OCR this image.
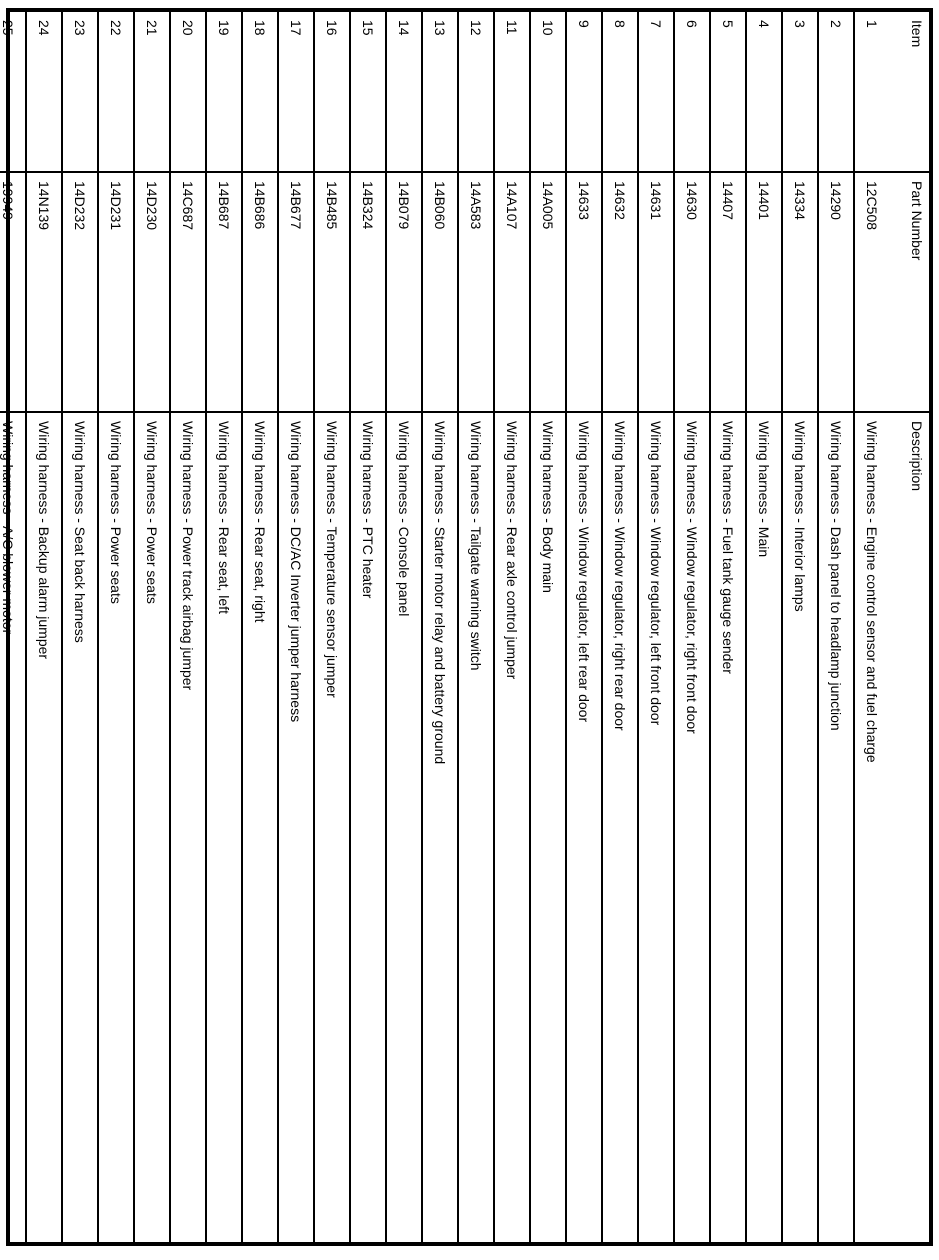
Item	Part Number	Description
1	12C508	Wiring harness - Engine control sensor and fuel charge
2	14290	Wiring harness - Dash panel to headlamp junction
3	14334	Wiring harness - Interior lamps
4	14401	Wiring harness - Main
5	14407	Wiring harness - Fuel tank gauge sender
6	14630	Wiring harness - Window regulator, right front door
7	14631	Wiring harness - Window regulator, left front door
8	14632	Wiring harness - Window regulator, right rear door
9	14633	Wiring harness - Window regulator, left rear door
10	14A005	Wiring harness - Body main
11	14A107	Wiring harness - Rear axle control jumper
12	14A583	Wiring harness - Tailgate warning switch
13	14B060	Wiring harness - Starter motor relay and battery ground
14	14B079	Wiring harness - Console panel
15	14B324	Wiring harness - PTC heater
16	14B485	Wiring harness - Temperature sensor jumper
17	14B677	Wiring harness - DC/AC Inverter jumper harness
18	14B686	Wiring harness - Rear seat, right
19	14B687	Wiring harness - Rear seat, left
20	14C687	Wiring harness - Power track airbag jumper
21	14D230	Wiring harness - Power seats
22	14D231	Wiring harness - Power seats
23	14D232	Wiring harness - Seat back harness
24	14N139	Wiring harness - Backup alarm jumper
25	19949	Wiring harness - A/C blower motor
